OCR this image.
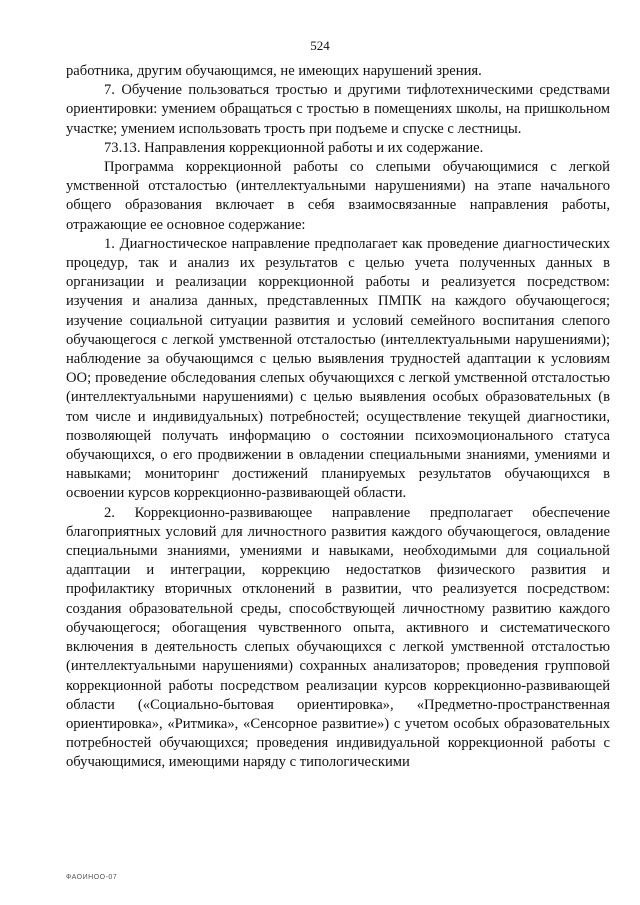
524

работника, другим обучающимся, не имеющих нарушений зрения.

7. Обучение пользоваться тростью и другими тифлотехническими средствами ориентировки: умением обращаться с тростью в помещениях школы, на пришкольном участке; умением использовать трость при подъеме и спуске с лестницы.

73.13. Направления коррекционной работы и их содержание.

Программа коррекционной работы со слепыми обучающимися с легкой умственной отсталостью (интеллектуальными нарушениями) на этапе начального общего образования включает в себя взаимосвязанные направления работы, отражающие ее основное содержание:

1. Диагностическое направление предполагает как проведение диагностических процедур, так и анализ их результатов с целью учета полученных данных в организации и реализации коррекционной работы и реализуется посредством: изучения и анализа данных, представленных ПМПК на каждого обучающегося; изучение социальной ситуации развития и условий семейного воспитания слепого обучающегося с легкой умственной отсталостью (интеллектуальными нарушениями); наблюдение за обучающимся с целью выявления трудностей адаптации к условиям ОО; проведение обследования слепых обучающихся с легкой умственной отсталостью (интеллектуальными нарушениями) с целью выявления особых образовательных (в том числе и индивидуальных) потребностей; осуществление текущей диагностики, позволяющей получать информацию о состоянии психоэмоционального статуса обучающихся, о его продвижении в овладении специальными знаниями, умениями и навыками; мониторинг достижений планируемых результатов обучающихся в освоении курсов коррекционно-развивающей области.

2. Коррекционно-развивающее направление предполагает обеспечение благоприятных условий для личностного развития каждого обучающегося, овладение специальными знаниями, умениями и навыками, необходимыми для социальной адаптации и интеграции, коррекцию недостатков физического развития и профилактику вторичных отклонений в развитии, что реализуется посредством: создания образовательной среды, способствующей личностному развитию каждого обучающегося; обогащения чувственного опыта, активного и систематического включения в деятельность слепых обучающихся с легкой умственной отсталостью (интеллектуальными нарушениями) сохранных анализаторов; проведения групповой коррекционной работы посредством реализации курсов коррекционно-развивающей области («Социально-бытовая ориентировка», «Предметно-пространственная ориентировка», «Ритмика», «Сенсорное развитие») с учетом особых образовательных потребностей обучающихся; проведения индивидуальной коррекционной работы с обучающимися, имеющими наряду с типологическими

ФАОИНОО-07
